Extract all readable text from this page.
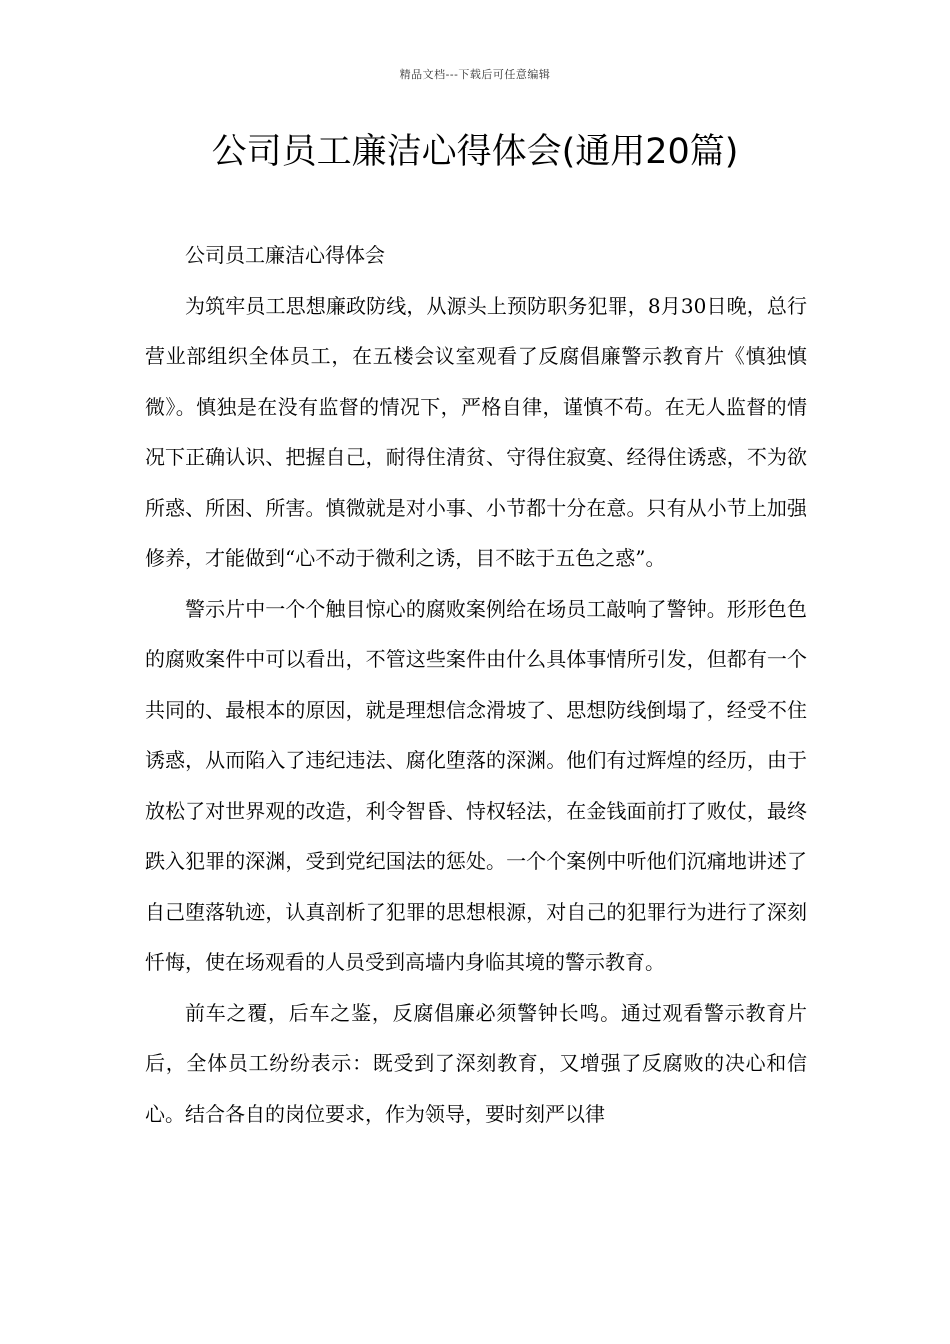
精品文档---下载后可任意编辑
公司员工廉洁心得体会(通用20篇)

公司员工廉洁心得体会

为筑牢员工思想廉政防线，从源头上预防职务犯罪，8月30日晚，总行营业部组织全体员工，在五楼会议室观看了反腐倡廉警示教育片《慎独慎微》。慎独是在没有监督的情况下，严格自律，谨慎不苟。在无人监督的情况下正确认识、把握自己，耐得住清贫、守得住寂寞、经得住诱惑，不为欲所惑、所困、所害。慎微就是对小事、小节都十分在意。只有从小节上加强修养，才能做到“心不动于微利之诱，目不眩于五色之惑”。

警示片中一个个触目惊心的腐败案例给在场员工敲响了警钟。形形色色的腐败案件中可以看出，不管这些案件由什么具体事情所引发，但都有一个共同的、最根本的原因，就是理想信念滑坡了、思想防线倒塌了，经受不住诱惑，从而陷入了违纪违法、腐化堕落的深渊。他们有过辉煌的经历，由于放松了对世界观的改造，利令智昏、恃权轻法，在金钱面前打了败仗，最终跌入犯罪的深渊，受到党纪国法的惩处。一个个案例中听他们沉痛地讲述了自己堕落轨迹，认真剖析了犯罪的思想根源，对自己的犯罪行为进行了深刻忏悔，使在场观看的人员受到高墙内身临其境的警示教育。

前车之覆，后车之鉴，反腐倡廉必须警钟长鸣。通过观看警示教育片后，全体员工纷纷表示：既受到了深刻教育，又增强了反腐败的决心和信心。结合各自的岗位要求，作为领导，要时刻严以律
